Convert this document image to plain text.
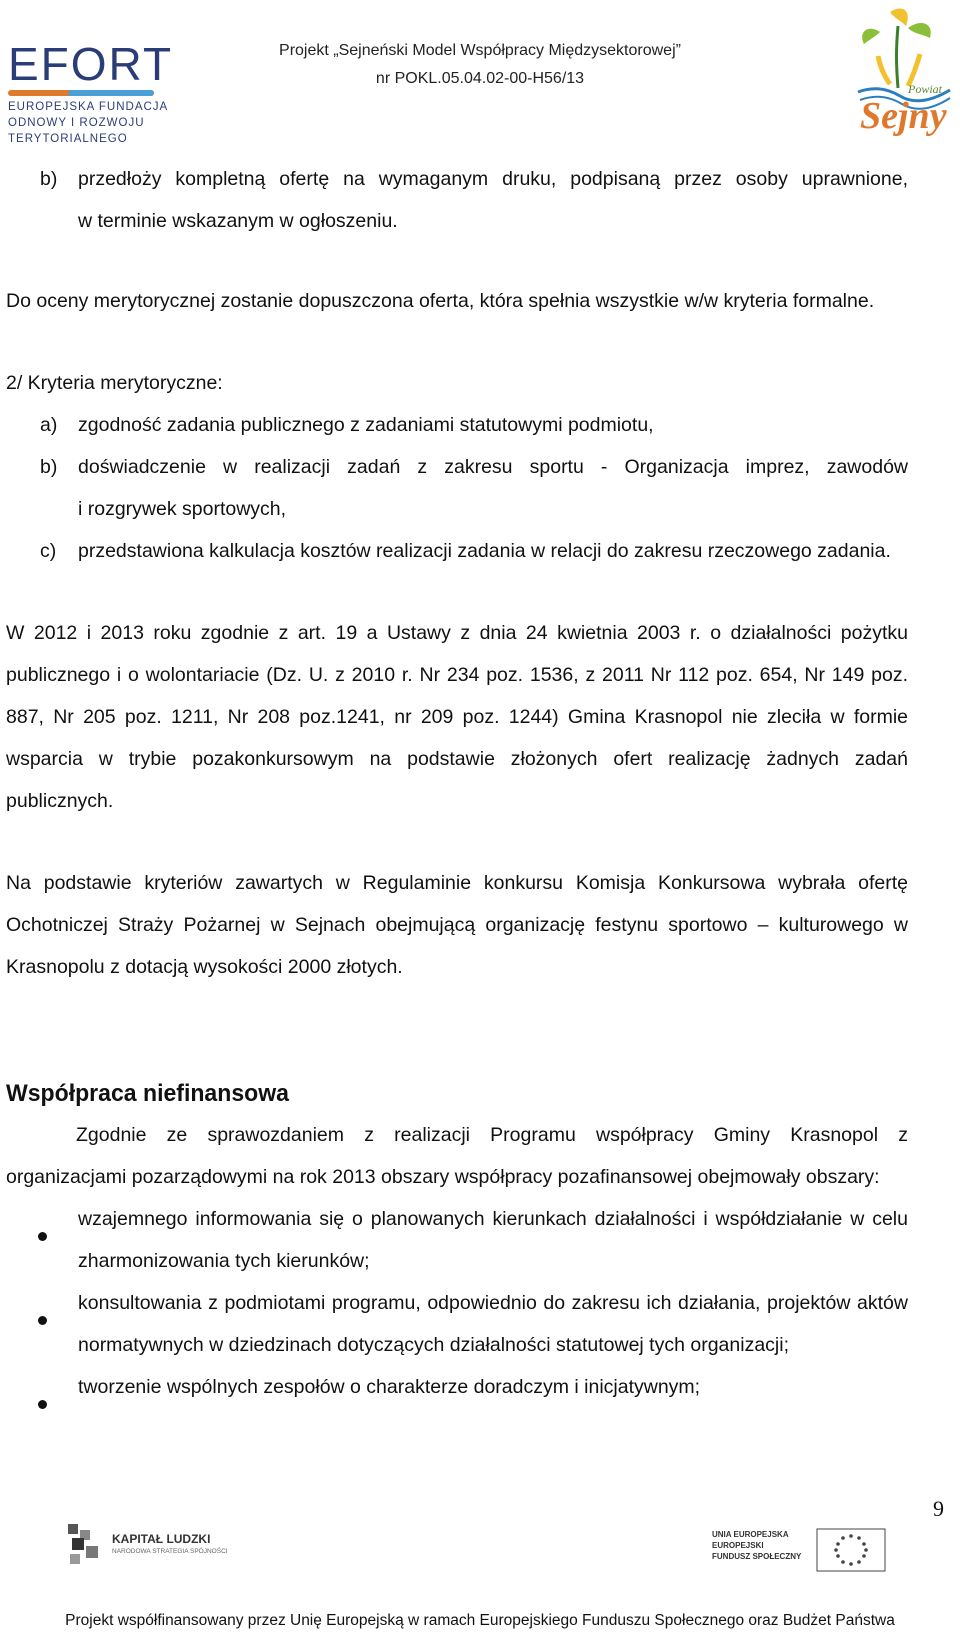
EFORT
EUROPEJSKA FUNDACJA
ODNOWY I ROZWOJU
TERYTORIALNEGO
Projekt „Sejneński Model Współpracy Międzysektorowej”
nr POKL.05.04.02-00-H56/13
Powiat
Sejny
b) przedłoży kompletną ofertę na wymaganym druku, podpisaną przez osoby uprawnione,
w terminie wskazanym w ogłoszeniu.
Do oceny merytorycznej zostanie dopuszczona oferta, która spełnia wszystkie w/w kryteria formalne.
2/ Kryteria merytoryczne:
a) zgodność zadania publicznego z zadaniami statutowymi podmiotu,
b) doświadczenie w realizacji zadań z zakresu sportu - Organizacja imprez, zawodów
i rozgrywek sportowych,
c) przedstawiona kalkulacja kosztów realizacji zadania w relacji do zakresu rzeczowego zadania.
W 2012 i 2013 roku zgodnie z art. 19 a Ustawy z dnia 24 kwietnia 2003 r. o działalności pożytku
publicznego i o wolontariacie (Dz. U. z 2010 r. Nr 234 poz. 1536, z 2011 Nr 112 poz. 654, Nr 149 poz.
887, Nr 205 poz. 1211, Nr 208 poz.1241, nr 209 poz. 1244) Gmina Krasnopol nie zleciła w formie
wsparcia w trybie pozakonkursowym na podstawie złożonych ofert realizację żadnych zadań
publicznych.
Na podstawie kryteriów zawartych w Regulaminie konkursu Komisja Konkursowa wybrała ofertę
Ochotniczej Straży Pożarnej w Sejnach obejmującą organizację festynu sportowo – kulturowego w
Krasnopolu z dotacją wysokości 2000 złotych.
Współpraca niefinansowa
Zgodnie ze sprawozdaniem z realizacji Programu współpracy Gminy Krasnopol z
organizacjami pozarządowymi na rok 2013 obszary współpracy pozafinansowej obejmowały obszary:
wzajemnego informowania się o planowanych kierunkach działalności i współdziałanie w celu
zharmonizowania tych kierunków;
konsultowania z podmiotami programu, odpowiednio do zakresu ich działania, projektów aktów
normatywnych w dziedzinach dotyczących działalności statutowej tych organizacji;
tworzenie wspólnych zespołów o charakterze doradczym i inicjatywnym;
9
KAPITAŁ LUDZKI
NARODOWA STRATEGIA SPÓJNOŚCI
UNIA EUROPEJSKA
EUROPEJSKI
FUNDUSZ SPOŁECZNY
Projekt współfinansowany przez Unię Europejską w ramach Europejskiego Funduszu Społecznego oraz Budżet Państwa
